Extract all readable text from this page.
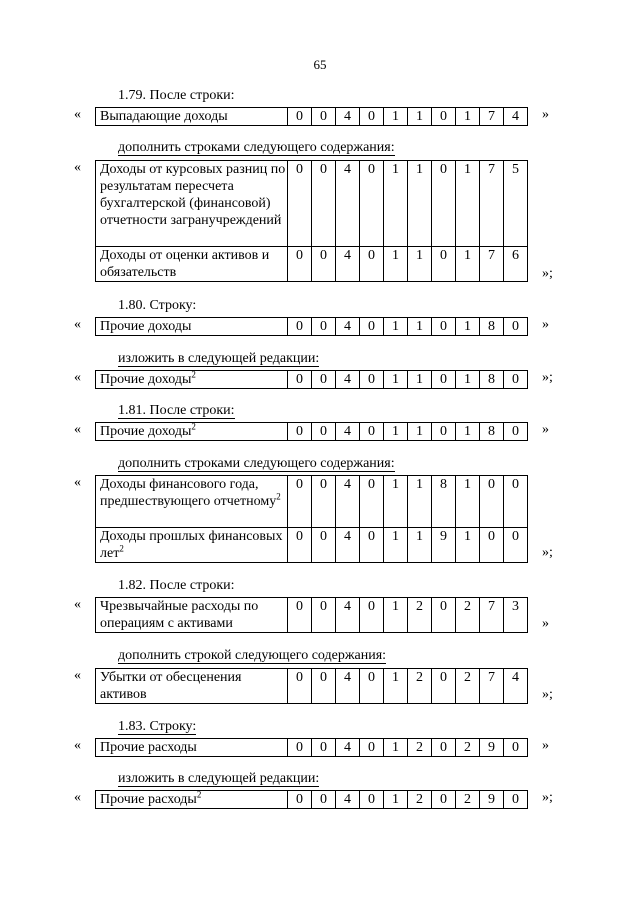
65
1.79. После строки:
« Выпадающие доходы	0	0	4	0	1	1	0	1	7	4 »
дополнить строками следующего содержания:
« Доходы от курсовых разниц по результатам пересчета бухгалтерской (финансовой) отчетности загранучреждений	0	0	4	0	1	1	0	1	7	5
Доходы от оценки активов и обязательств	0	0	4	0	1	1	0	1	7	6
»;
1.80. Строку:
« Прочие доходы	0	0	4	0	1	1	0	1	8	0 »
изложить в следующей редакции:
« Прочие доходы$^2$	0	0	4	0	1	1	0	1	8	0 »;
1.81. После строки:
« Прочие доходы$^2$	0	0	4	0	1	1	0	1	8	0 »
дополнить строками следующего содержания:
« Доходы финансового года, предшествующего отчетному$^2$	0	0	4	0	1	1	8	1	0	0
Доходы прошлых финансовых лет$^2$	0	0	4	0	1	1	9	1	0	0
»;
1.82. После строки:
« Чрезвычайные расходы по операциям с активами	0	0	4	0	1	2	0	2	7	3
»
дополнить строкой следующего содержания:
« Убытки от обесценения активов	0	0	4	0	1	2	0	2	7	4
»;
1.83. Строку:
« Прочие расходы	0	0	4	0	1	2	0	2	9	0 »
изложить в следующей редакции:
« Прочие расходы$^2$	0	0	4	0	1	2	0	2	9	0 »;
